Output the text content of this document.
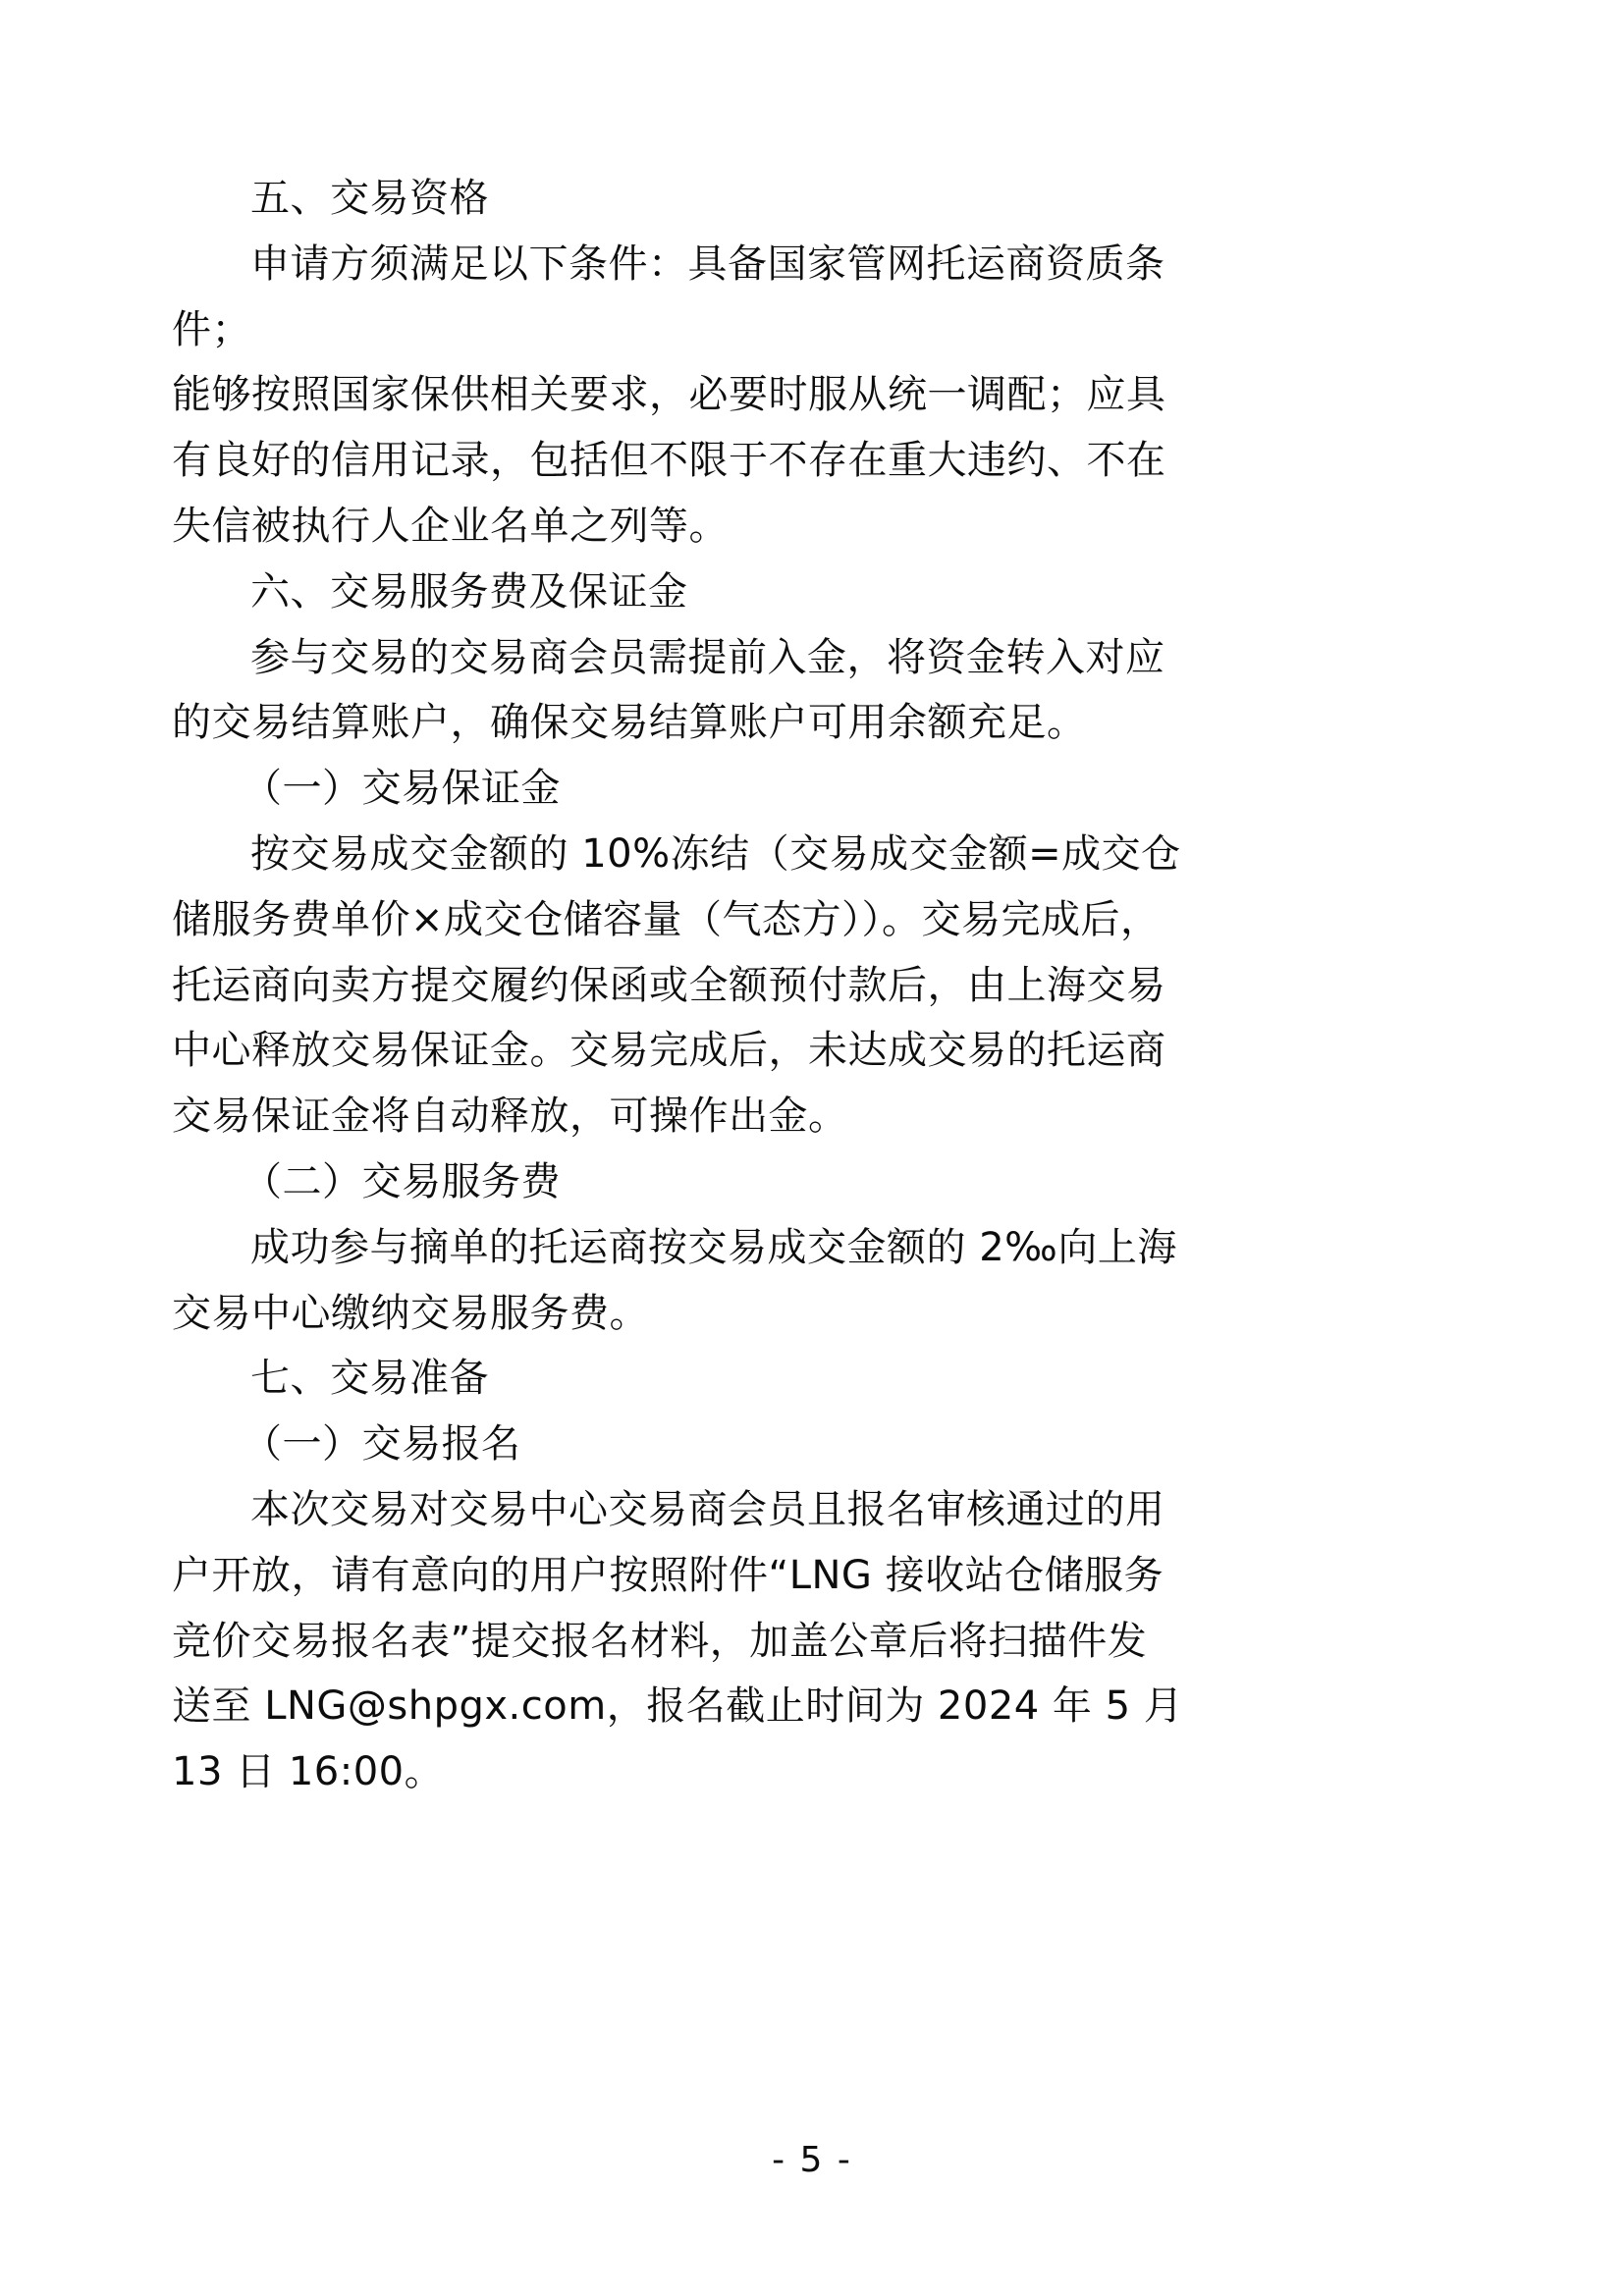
五、交易资格

申请方须满足以下条件：具备国家管网托运商资质条

件；

能够按照国家保供相关要求，必要时服从统一调配；应具

有良好的信用记录，包括但不限于不存在重大违约、不在

失信被执行人企业名单之列等。

六、交易服务费及保证金

参与交易的交易商会员需提前入金，将资金转入对应

的交易结算账户，确保交易结算账户可用余额充足。

（一）交易保证金

按交易成交金额的 10%冻结（交易成交金额=成交仓

储服务费单价×成交仓储容量（气态方））。交易完成后，

托运商向卖方提交履约保函或全额预付款后，由上海交易

中心释放交易保证金。交易完成后，未达成交易的托运商

交易保证金将自动释放，可操作出金。

（二）交易服务费

成功参与摘单的托运商按交易成交金额的 2‰向上海

交易中心缴纳交易服务费。

七、交易准备

（一）交易报名

本次交易对交易中心交易商会员且报名审核通过的用

户开放，请有意向的用户按照附件“LNG 接收站仓储服务

竞价交易报名表”提交报名材料，加盖公章后将扫描件发

送至 LNG@shpgx.com，报名截止时间为 2024 年 5 月

13 日 16:00。

- 5 -
